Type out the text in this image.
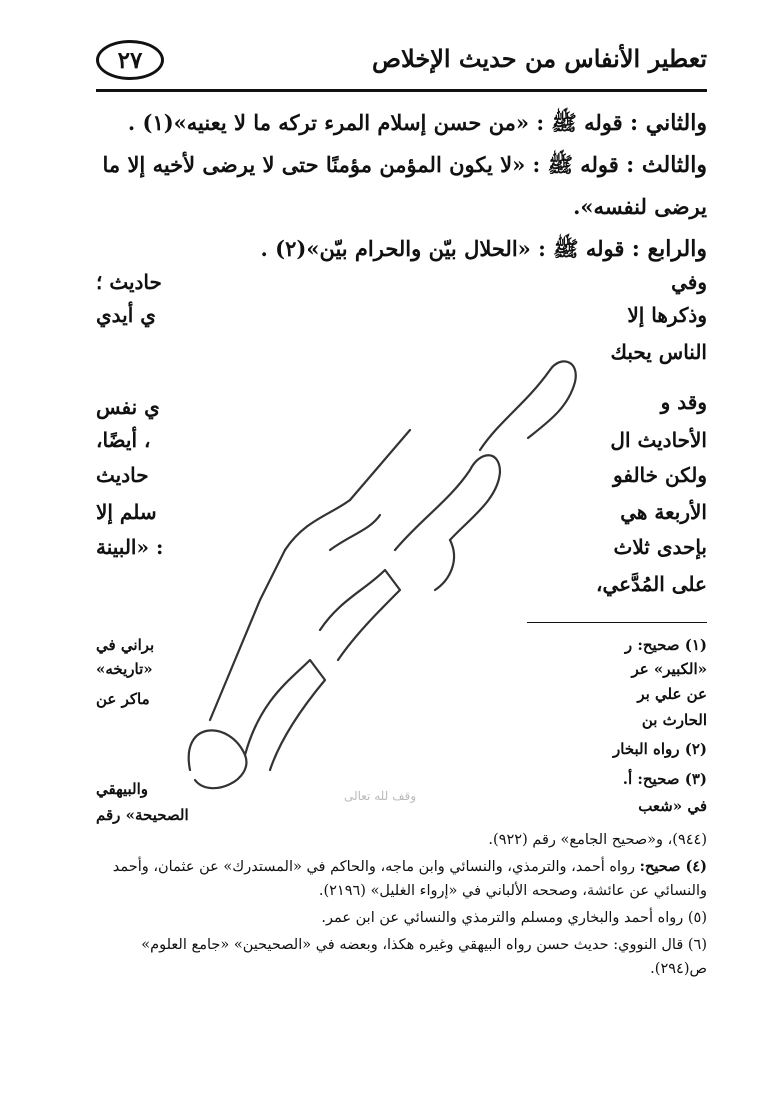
تعطير الأنفاس من حديث الإخلاص
٢٧

والثاني : قوله ﷺ : «من حسن إسلام المرء تركه ما لا يعنيه»(١) .

والثالث : قوله ﷺ : «لا يكون المؤمن مؤمنًا حتى لا يرضى لأخيه إلا ما يرضى لنفسه».

والرابع : قوله ﷺ : «الحلال بيّن والحرام بيّن»(٢) .

وفي
حاديث ؛
وذكرها إلا
ي أيدي
الناس يحبك
وقد و
ي نفس
الأحاديث ال
، أيضًا،
ولكن خالفو
حاديث
الأربعة هي
سلم إلا
بإحدى ثلاث
: «البينة
على المُدَّعي،
(١) صحيح: ر
براني في
«الكبير» عر
«تاريخه»
عن علي بر
ماكر عن
الحارث بن
(٢) رواه البخار
(٣) صحيح: أ.
والبيهقي
في «شعب
الصحيحة» رقم

(٩٤٤)، و«صحيح الجامع» رقم (٩٢٢).

(٤) صحيح: رواه أحمد، والترمذي، والنسائي وابن ماجه، والحاكم في «المستدرك» عن عثمان، وأحمد والنسائي عن عائشة، وصححه الألباني في «إرواء الغليل» (٢١٩٦).

(٥) رواه أحمد والبخاري ومسلم والترمذي والنسائي عن ابن عمر.

(٦) قال النووي: حديث حسن رواه البيهقي وغيره هكذا، وبعضه في «الصحيحين» «جامع العلوم» ص(٢٩٤).

وقف لله تعالى
